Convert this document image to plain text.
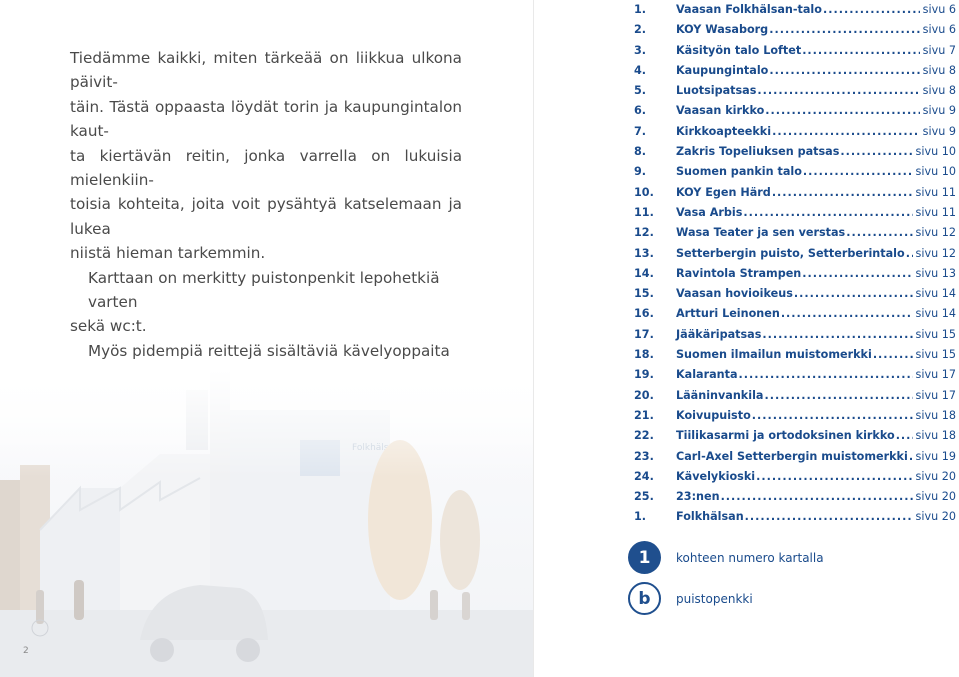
Tiedämme kaikki, miten tärkeää on liikkua ulkona päivit-
täin. Tästä oppaasta löydät torin ja kaupungintalon kaut-
ta kiertävän reitin, jonka varrella on lukuisia mielenkiin-
toisia kohteita, joita voit pysähtyä katselemaan ja lukea
niistä hieman tarkemmin.

Karttaan on merkitty puistonpenkit lepohetkiä varten
sekä wc:t.

Myös pidempiä reittejä sisältäviä kävelyoppaita

2
1.	Vaasan Folkhälsan-talo .....	sivu 6
2.	KOY Wasaborg .....	sivu 6
3.	Käsityön talo Loftet .....	sivu 7
4.	Kaupungintalo .....	sivu 8
5.	Luotsipatsas .....	sivu 8
6.	Vaasan kirkko .....	sivu 9
7.	Kirkkoapteekki .....	sivu 9
8.	Zakris Topeliuksen patsas .....	sivu 10
9.	Suomen pankin talo .....	sivu 10
10.	KOY Egen Härd .....	sivu 11
11.	Vasa Arbis .....	sivu 11
12.	Wasa Teater ja sen verstas .....	sivu 12
13.	Setterbergin puisto, Setterberintalo ..... sivu 12
14.	Ravintola Strampen .....	sivu 13
15.	Vaasan hovioikeus .....	sivu 14
16.	Artturi Leinonen .....	sivu 14
17.	Jääkäripatsas .....	sivu 15
18.	Suomen ilmailun muistomerkki .....	sivu 15
19.	Kalaranta .....	sivu 17
20.	Lääninvankila .....	sivu 17
21.	Koivupuisto .....	sivu 18
22.	Tiilikasarmi ja ortodoksinen kirkko ..... sivu 18
23.	Carl-Axel Setterbergin muistomerkki ..... sivu 19
24.	Kävelykioski .....	sivu 20
25.	23:nen .....	sivu 20
1.	Folkhälsan .....	sivu 20
1	kohteen numero kartalla
b	puistopenkki
